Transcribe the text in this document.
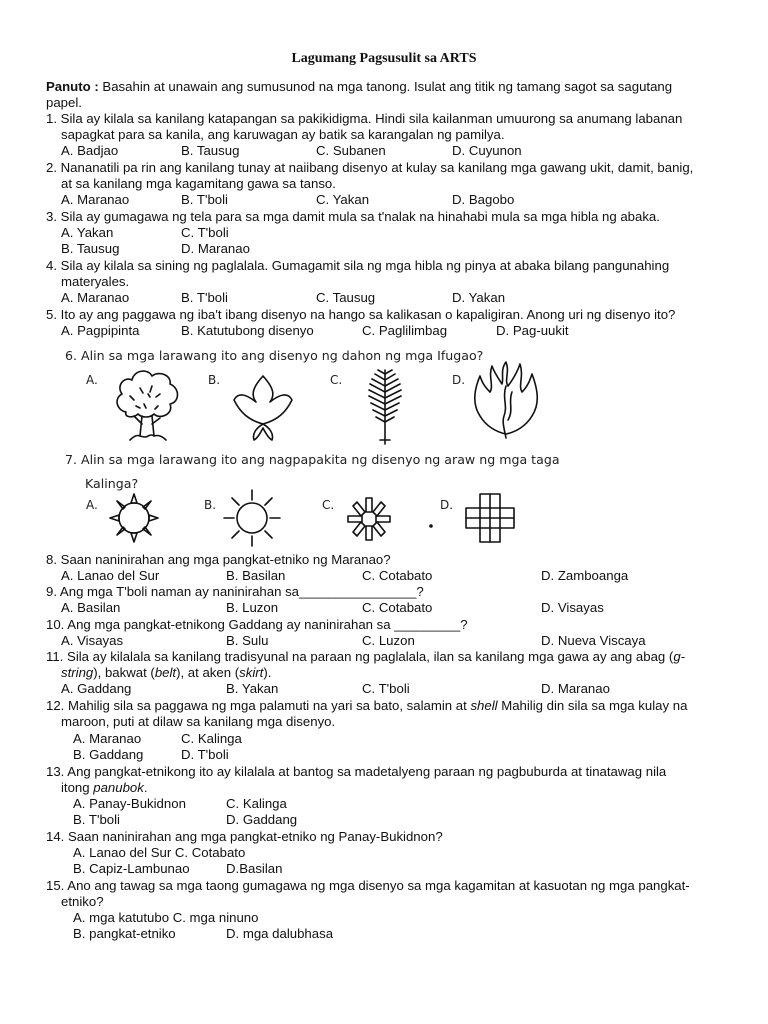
Lagumang Pagsusulit sa ARTS
Panuto : Basahin at unawain ang sumusunod na mga tanong. Isulat ang titik ng tamang sagot sa sagutang
papel.
1. Sila ay kilala sa kanilang katapangan sa pakikidigma. Hindi sila kailanman umuurong sa anumang labanan
sapagkat para sa kanila, ang karuwagan ay batik sa karangalan ng pamilya.
A. Badjao	B. Tausug	C. Subanen	D. Cuyunon
2. Nananatili pa rin ang kanilang tunay at naiibang disenyo at kulay sa kanilang mga gawang ukit, damit, banig,
at sa kanilang mga kagamitang gawa sa tanso.
A. Maranao	B. T'boli	C. Yakan	D. Bagobo
3. Sila ay gumagawa ng tela para sa mga damit mula sa t'nalak na hinahabi mula sa mga hibla ng abaka.
A. Yakan	C. T'boli
B. Tausug	D. Maranao
4. Sila ay kilala sa sining ng paglalala. Gumagamit sila ng mga hibla ng pinya at abaka bilang pangunahing
materyales.
A. Maranao	B. T'boli	C. Tausug	D. Yakan
5. Ito ay ang paggawa ng iba't ibang disenyo na hango sa kalikasan o kapaligiran. Anong uri ng disenyo ito?
A. Pagpipinta	B. Katutubong disenyo	C. Paglilimbag	D. Pag-uukit
6. Alin sa mga larawang ito ang disenyo ng dahon ng mga Ifugao?
A.	B.	C.	D.
7. Alin sa mga larawang ito ang nagpapakita ng disenyo ng araw ng mga taga
Kalinga?
A.	B.	C.	D.
8. Saan naninirahan ang mga pangkat-etniko ng Maranao?
A. Lanao del Sur	B. Basilan	C. Cotabato	D. Zamboanga
9. Ang mga T'boli naman ay naninirahan sa________________?
A. Basilan	B. Luzon	C. Cotabato	D. Visayas
10. Ang mga pangkat-etnikong Gaddang ay naninirahan sa _________?
A. Visayas	B. Sulu	C. Luzon	D. Nueva Viscaya
11. Sila ay kilalala sa kanilang tradisyunal na paraan ng paglalala, ilan sa kanilang mga gawa ay ang abag (g-
string), bakwat (belt), at aken (skirt).
A. Gaddang	B. Yakan	C. T'boli	D. Maranao
12. Mahilig sila sa paggawa ng mga palamuti na yari sa bato, salamin at shell Mahilig din sila sa mga kulay na
maroon, puti at dilaw sa kanilang mga disenyo.
A. Maranao	C. Kalinga
B. Gaddang	D. T'boli
13. Ang pangkat-etnikong ito ay kilalala at bantog sa madetalyeng paraan ng pagbuburda at tinatawag nila
itong panubok.
A. Panay-Bukidnon	C. Kalinga
B. T'boli	D. Gaddang
14. Saan naninirahan ang mga pangkat-etniko ng Panay-Bukidnon?
A. Lanao del Sur C. Cotabato
B. Capiz-Lambunao	D.Basilan
15. Ano ang tawag sa mga taong gumagawa ng mga disenyo sa mga kagamitan at kasuotan ng mga pangkat-
etniko?
A. mga katutubo C. mga ninuno
B. pangkat-etniko	D. mga dalubhasa
